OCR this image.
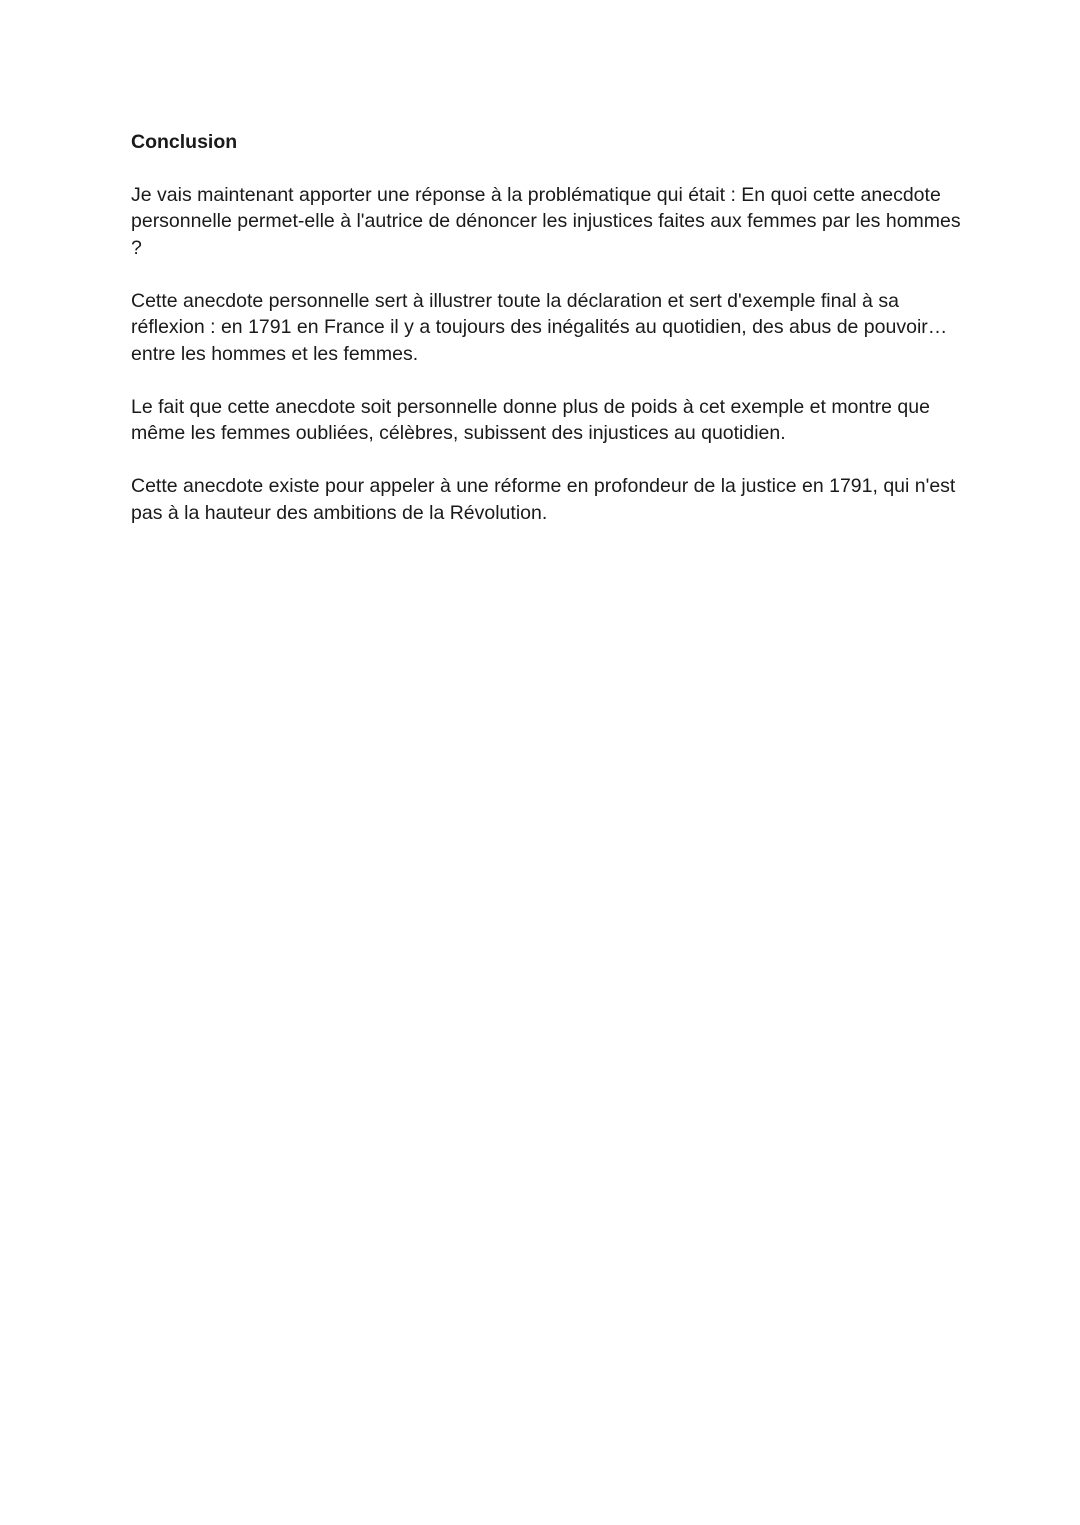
Conclusion

Je vais maintenant apporter une réponse à la problématique qui était : En quoi cette anecdote personnelle permet-elle à l'autrice de dénoncer les injustices faites aux femmes par les hommes ?

Cette anecdote personnelle sert à illustrer toute la déclaration et sert d'exemple final à sa réflexion : en 1791 en France il y a toujours des inégalités au quotidien, des abus de pouvoir… entre les hommes et les femmes.

Le fait que cette anecdote soit personnelle donne plus de poids à cet exemple et montre que même les femmes oubliées, célèbres, subissent des injustices au quotidien.

Cette anecdote existe pour appeler à une réforme en profondeur de la justice en 1791, qui n'est pas à la hauteur des ambitions de la Révolution.
